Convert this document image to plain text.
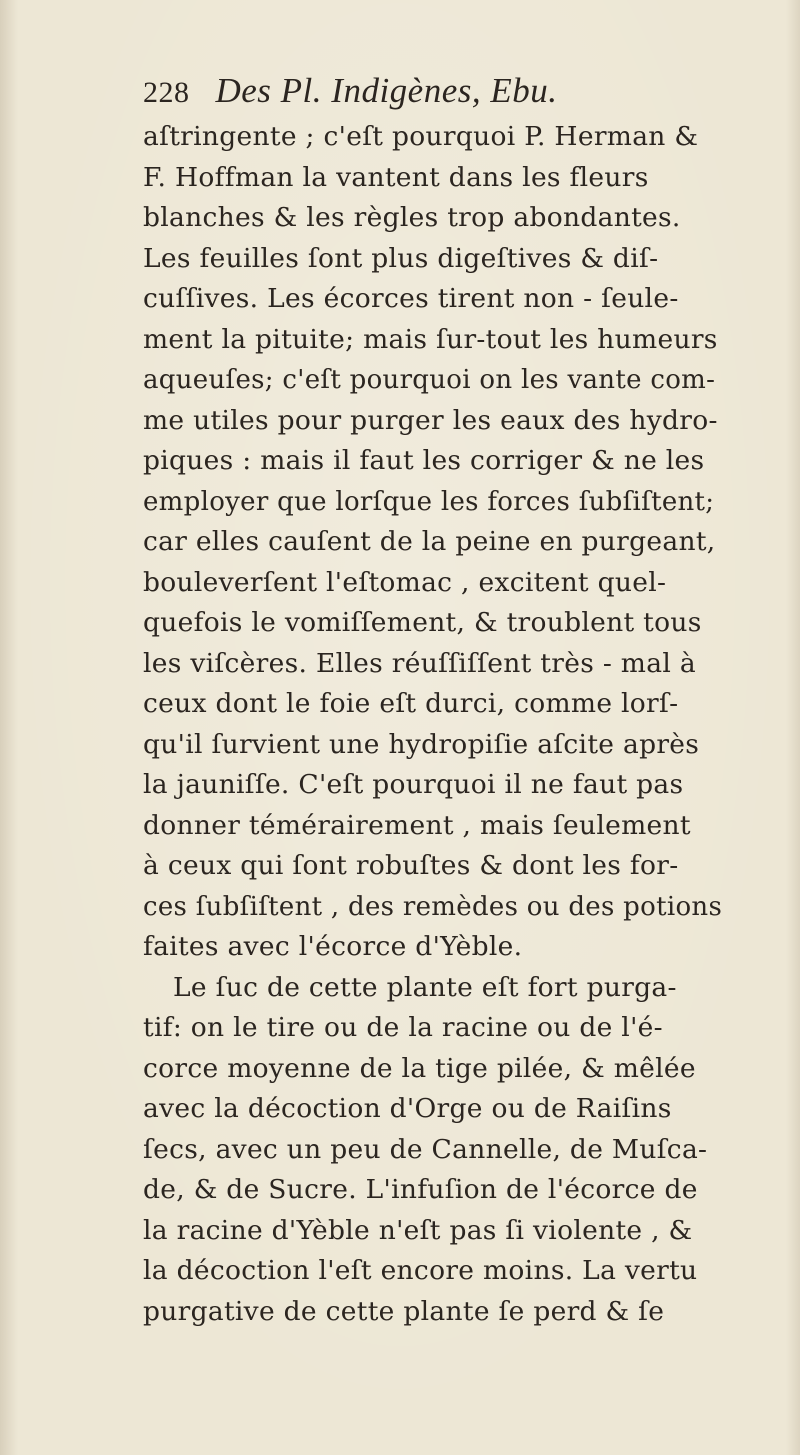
228 Des Pl. Indigènes, Ebu.
aſtringente ; c'eſt pourquoi P. Herman &
F. Hoffman la vantent dans les fleurs
blanches & les règles trop abondantes.
Les feuilles ſont plus digeſtives & diſ-
cuſſives. Les écorces tirent non - ſeule-
ment la pituite; mais ſur-tout les humeurs
aqueuſes; c'eſt pourquoi on les vante com-
me utiles pour purger les eaux des hydro-
piques : mais il faut les corriger & ne les
employer que lorſque les forces ſubſiſtent;
car elles cauſent de la peine en purgeant,
bouleverſent l'eſtomac , excitent quel-
quefois le vomiſſement, & troublent tous
les viſcères. Elles réuſſiſſent très - mal à
ceux dont le foie eſt durci, comme lorſ-
qu'il ſurvient une hydropiſie aſcite après
la jauniſſe. C'eſt pourquoi il ne faut pas
donner témérairement , mais ſeulement
à ceux qui ſont robuſtes & dont les for-
ces ſubſiſtent , des remèdes ou des potions
faites avec l'écorce d'Yèble.
Le ſuc de cette plante eſt fort purga-
tif: on le tire ou de la racine ou de l'é-
corce moyenne de la tige pilée, & mêlée
avec la décoction d'Orge ou de Raiſins
ſecs, avec un peu de Cannelle, de Muſca-
de, & de Sucre. L'infuſion de l'écorce de
la racine d'Yèble n'eſt pas ſi violente , &
la décoction l'eſt encore moins. La vertu
purgative de cette plante ſe perd & ſe
